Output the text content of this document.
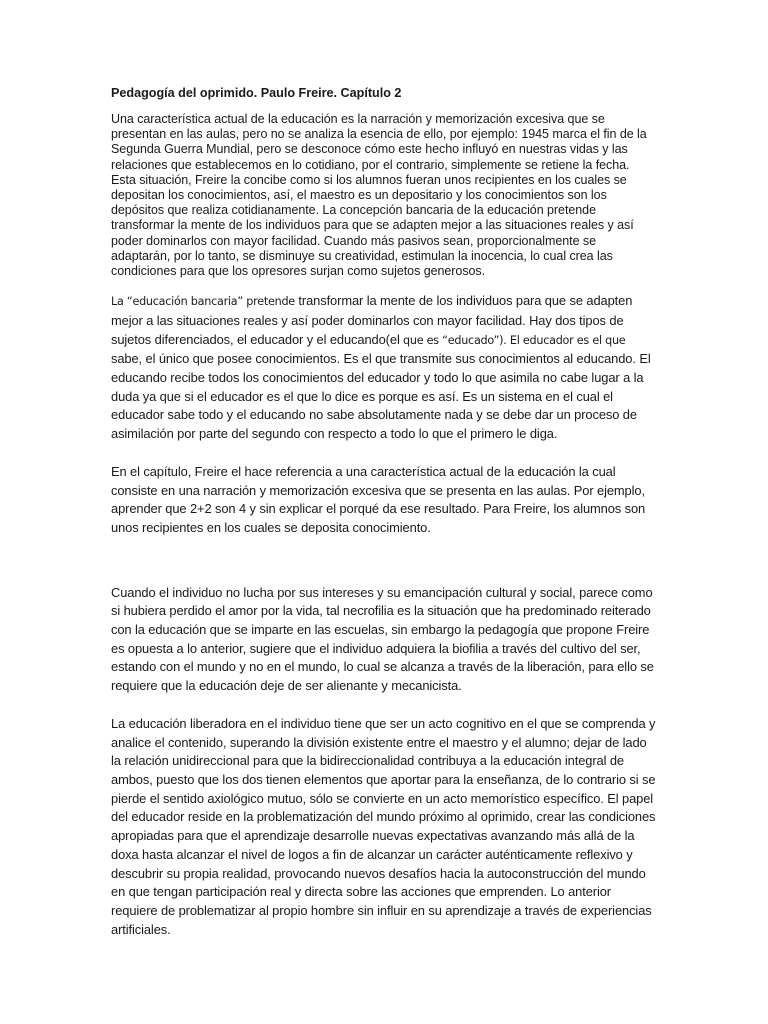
Pedagogía del oprimido. Paulo Freire. Capítulo 2

Una característica actual de la educación es la narración y memorización excesiva que se presentan en las aulas, pero no se analiza la esencia de ello, por ejemplo: 1945 marca el fin de la Segunda Guerra Mundial, pero se desconoce cómo este hecho influyó en nuestras vidas y las relaciones que establecemos en lo cotidiano, por el contrario, simplemente se retiene la fecha. Esta situación, Freire la concibe como si los alumnos fueran unos recipientes en los cuales se depositan los conocimientos, así, el maestro es un depositario y los conocimientos son los depósitos que realiza cotidianamente. La concepción bancaria de la educación pretende transformar la mente de los individuos para que se adapten mejor a las situaciones reales y así poder dominarlos con mayor facilidad. Cuando más pasivos sean, proporcionalmente se adaptarán, por lo tanto, se disminuye su creatividad, estimulan la inocencia, lo cual crea las condiciones para que los opresores surjan como sujetos generosos.

La “educación bancaria” pretende transformar la mente de los individuos para que se adapten mejor a las situaciones reales y así poder dominarlos con mayor facilidad. Hay dos tipos de sujetos diferenciados, el educador y el educando(el que es “educado”). El educador es el que sabe, el único que posee conocimientos. Es el que transmite sus conocimientos al educando. El educando recibe todos los conocimientos del educador y todo lo que asimila no cabe lugar a la duda ya que si el educador es el que lo dice es porque es así. Es un sistema en el cual el educador sabe todo y el educando no sabe absolutamente nada y se debe dar un proceso de asimilación por parte del segundo con respecto a todo lo que el primero le diga.

En el capítulo, Freire el hace referencia a una característica actual de la educación la cual consiste en una narración y memorización excesiva que se presenta en las aulas. Por ejemplo, aprender que 2+2 son 4 y sin explicar el porqué da ese resultado. Para Freire, los alumnos son unos recipientes en los cuales se deposita conocimiento.

Cuando el individuo no lucha por sus intereses y su emancipación cultural y social, parece como si hubiera perdido el amor por la vida, tal necrofilia es la situación que ha predominado reiterado con la educación que se imparte en las escuelas, sin embargo la pedagogía que propone Freire es opuesta a lo anterior, sugiere que el individuo adquiera la biofilia a través del cultivo del ser, estando con el mundo y no en el mundo, lo cual se alcanza a través de la liberación, para ello se requiere que la educación deje de ser alienante y mecanicista.

La educación liberadora en el individuo tiene que ser un acto cognitivo en el que se comprenda y analice el contenido, superando la división existente entre el maestro y el alumno; dejar de lado la relación unidireccional para que la bidireccionalidad contribuya a la educación integral de ambos, puesto que los dos tienen elementos que aportar para la enseñanza, de lo contrario si se pierde el sentido axiológico mutuo, sólo se convierte en un acto memorístico específico. El papel del educador reside en la problematización del mundo próximo al oprimido, crear las condiciones apropiadas para que el aprendizaje desarrolle nuevas expectativas avanzando más allá de la doxa hasta alcanzar el nivel de logos a fin de alcanzar un carácter auténticamente reflexivo y descubrir su propia realidad, provocando nuevos desafíos hacia la autoconstrucción del mundo en que tengan participación real y directa sobre las acciones que emprenden. Lo anterior requiere de problematizar al propio hombre sin influir en su aprendizaje a través de experiencias artificiales.
